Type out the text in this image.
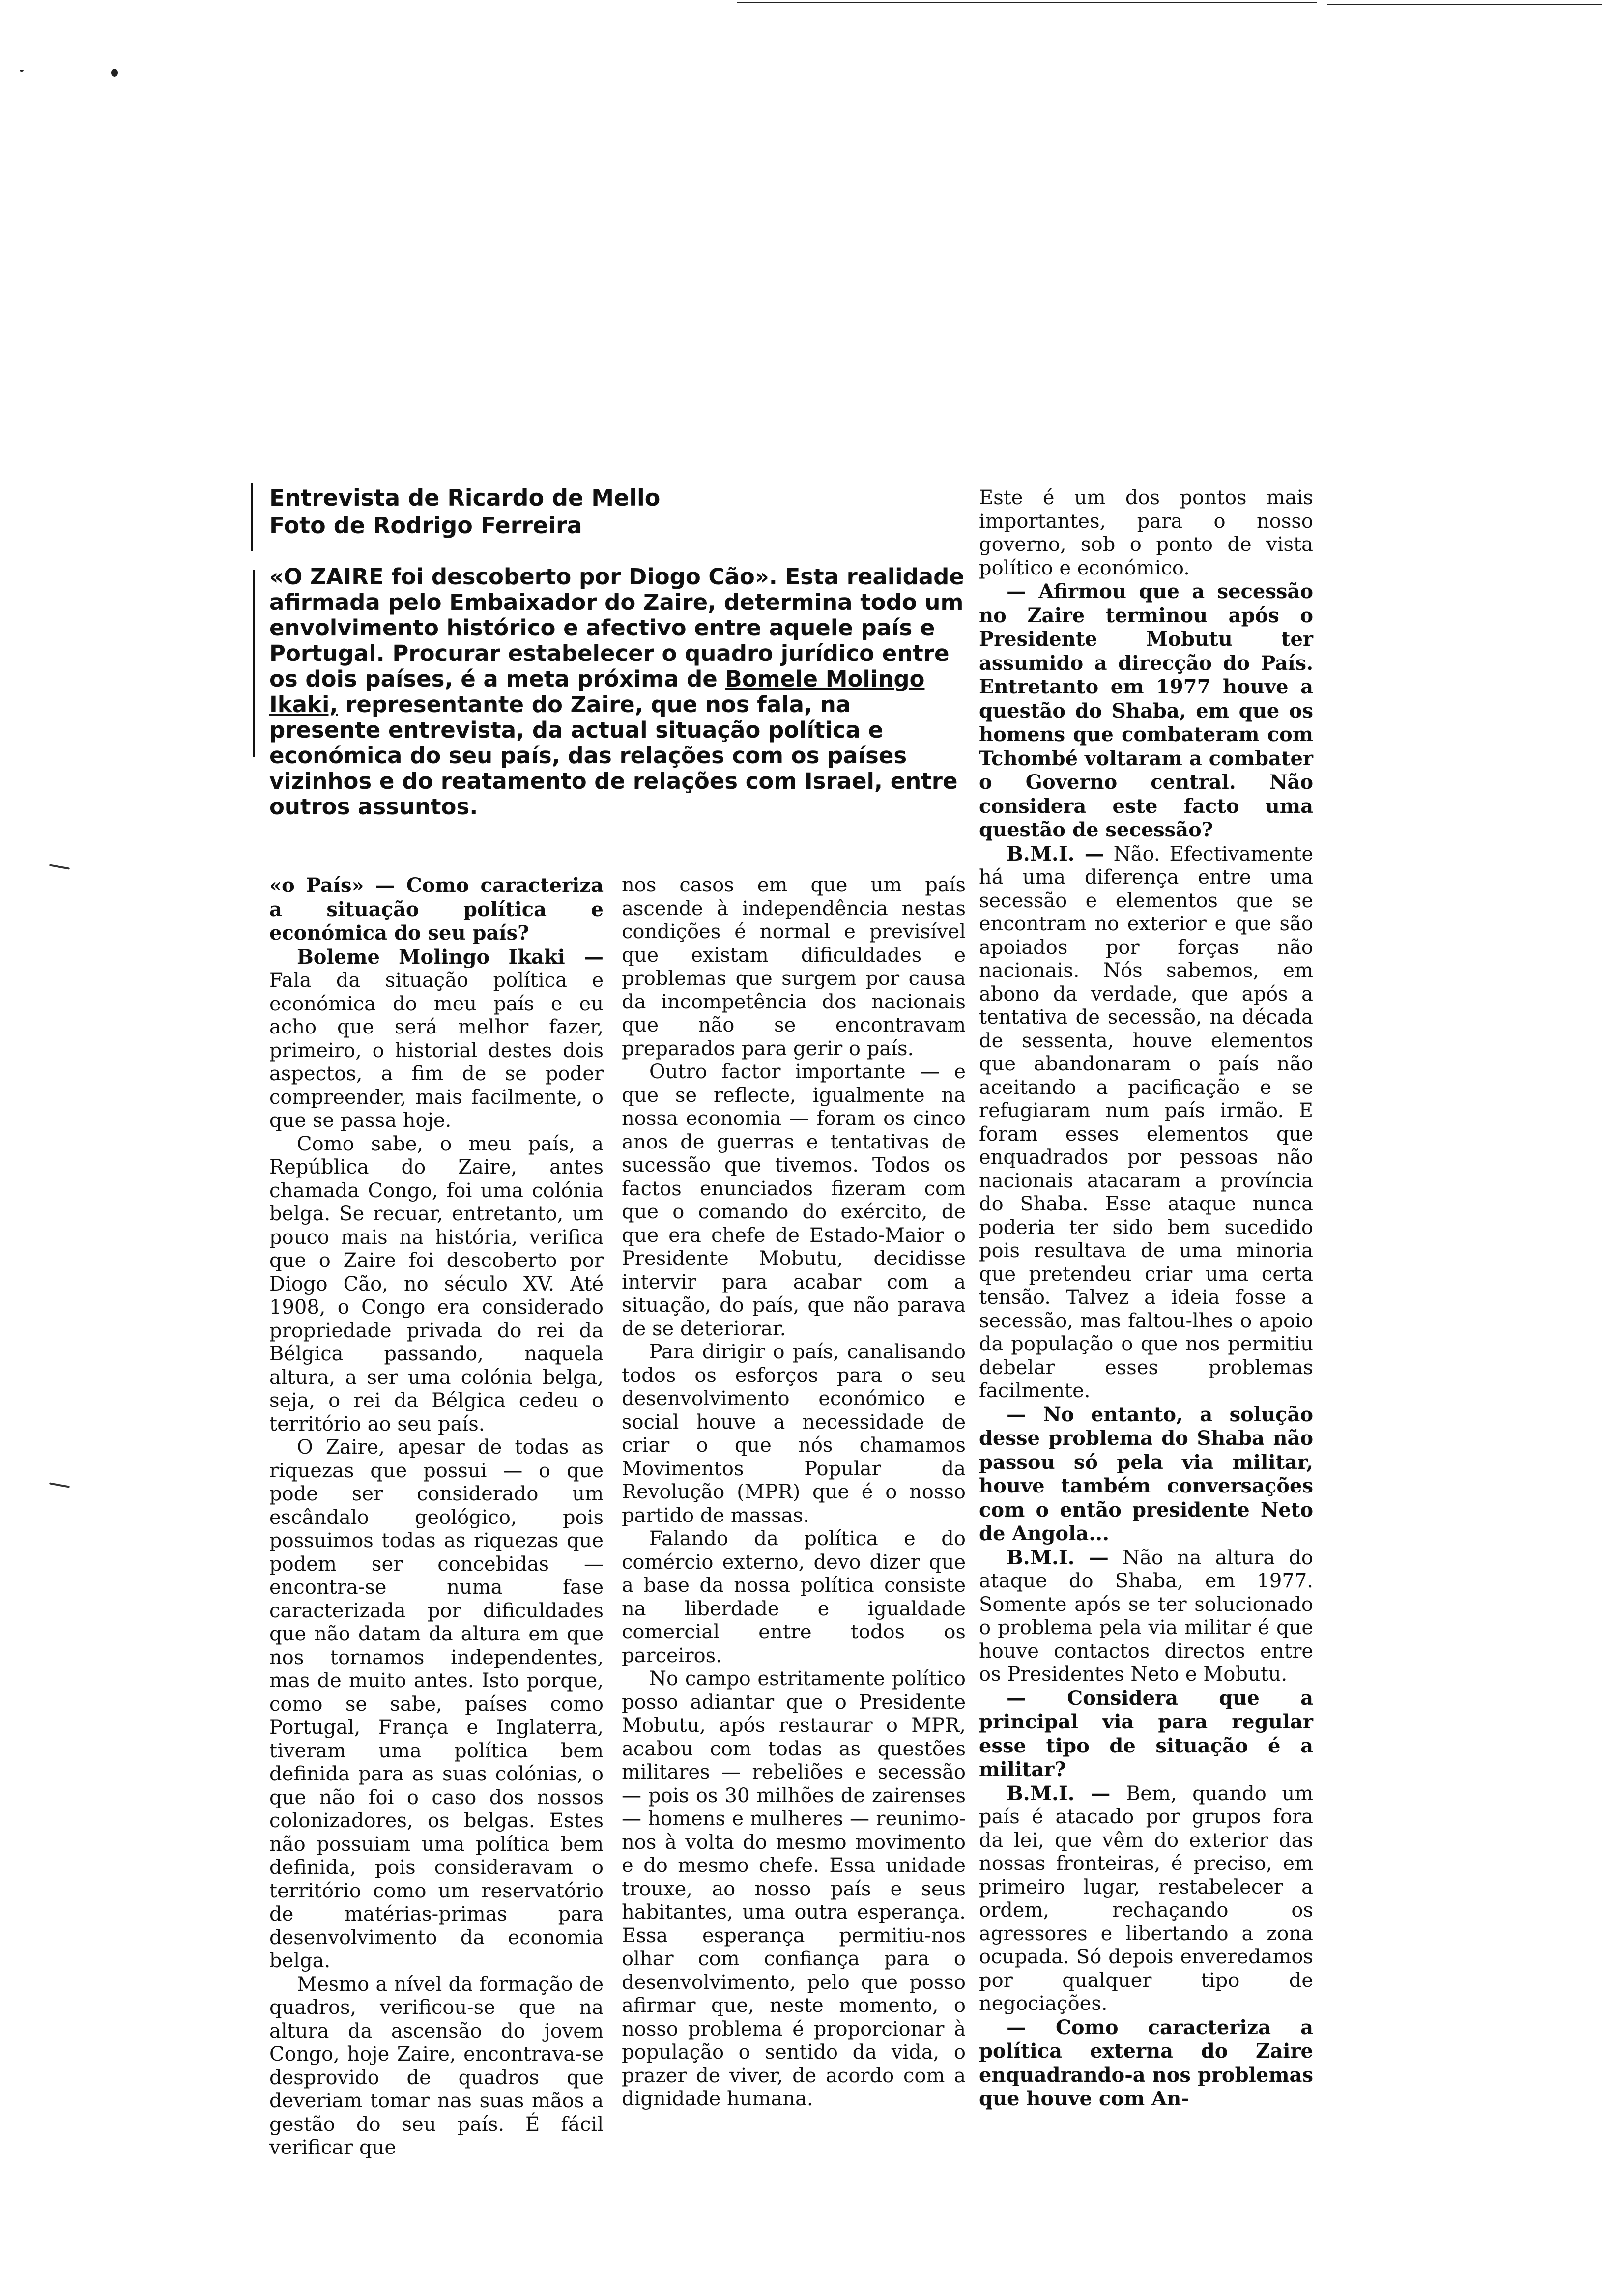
Entrevista de Ricardo de Mello
Foto de Rodrigo Ferreira
«O ZAIRE foi descoberto por Diogo Cão». Esta realidade afirmada pelo Embaixador do Zaire, determina todo um envolvimento histórico e afectivo entre aquele país e Portugal. Procurar estabelecer o quadro jurídico entre os dois países, é a meta próxima de Bomele Molingo Ikaki, representante do Zaire, que nos fala, na presente entrevista, da actual situação política e económica do seu país, das relações com os países vizinhos e do reatamento de relações com Israel, entre outros assuntos.

«o País» — Como caracteriza a situação política e económica do seu país?

Boleme Molingo Ikaki — Fala da situação política e económica do meu país e eu acho que será melhor fazer, primeiro, o historial destes dois aspectos, a fim de se poder compreender, mais facilmente, o que se passa hoje.

Como sabe, o meu país, a República do Zaire, antes chamada Congo, foi uma colónia belga. Se recuar, entretanto, um pouco mais na história, verifica que o Zaire foi descoberto por Diogo Cão, no século XV. Até 1908, o Congo era considerado propriedade privada do rei da Bélgica passando, naquela altura, a ser uma colónia belga, seja, o rei da Bélgica cedeu o território ao seu país.

O Zaire, apesar de todas as riquezas que possui — o que pode ser considerado um escândalo geológico, pois possuimos todas as riquezas que podem ser concebidas — encontra-se numa fase caracterizada por dificuldades que não datam da altura em que nos tornamos independentes, mas de muito antes. Isto porque, como se sabe, países como Portugal, França e Inglaterra, tiveram uma política bem definida para as suas colónias, o que não foi o caso dos nossos colonizadores, os belgas. Estes não possuiam uma política bem definida, pois consideravam o território como um reservatório de matérias-primas para desenvolvimento da economia belga.

Mesmo a nível da formação de quadros, verificou-se que na altura da ascensão do jovem Congo, hoje Zaire, encontrava-se desprovido de quadros que deveriam tomar nas suas mãos a gestão do seu país. É fácil verificar que

nos casos em que um país ascende à independência nestas condições é normal e previsível que existam dificuldades e problemas que surgem por causa da incompetência dos nacionais que não se encontravam preparados para gerir o país.

Outro factor importante — e que se reflecte, igualmente na nossa economia — foram os cinco anos de guerras e tentativas de sucessão que tivemos. Todos os factos enunciados fizeram com que o comando do exército, de que era chefe de Estado-Maior o Presidente Mobutu, decidisse intervir para acabar com a situação, do país, que não parava de se deteriorar.

Para dirigir o país, canalisando todos os esforços para o seu desenvolvimento económico e social houve a necessidade de criar o que nós chamamos Movimentos Popular da Revolução (MPR) que é o nosso partido de massas.

Falando da política e do comércio externo, devo dizer que a base da nossa política consiste na liberdade e igualdade comercial entre todos os parceiros.

No campo estritamente político posso adiantar que o Presidente Mobutu, após restaurar o MPR, acabou com todas as questões militares — rebeliões e secessão — pois os 30 milhões de zairenses — homens e mulheres — reunimo-nos à volta do mesmo movimento e do mesmo chefe. Essa unidade trouxe, ao nosso país e seus habitantes, uma outra esperança. Essa esperança permitiu-nos olhar com confiança para o desenvolvimento, pelo que posso afirmar que, neste momento, o nosso problema é proporcionar à população o sentido da vida, o prazer de viver, de acordo com a dignidade humana.

Este é um dos pontos mais importantes, para o nosso governo, sob o ponto de vista político e económico.

— Afirmou que a secessão no Zaire terminou após o Presidente Mobutu ter assumido a direcção do País. Entretanto em 1977 houve a questão do Shaba, em que os homens que combateram com Tchombé voltaram a combater o Governo central. Não considera este facto uma questão de secessão?

B.M.I. — Não. Efectivamente há uma diferença entre uma secessão e elementos que se encontram no exterior e que são apoiados por forças não nacionais. Nós sabemos, em abono da verdade, que após a tentativa de secessão, na década de sessenta, houve elementos que abandonaram o país não aceitando a pacificação e se refugiaram num país irmão. E foram esses elementos que enquadrados por pessoas não nacionais atacaram a província do Shaba. Esse ataque nunca poderia ter sido bem sucedido pois resultava de uma minoria que pretendeu criar uma certa tensão. Talvez a ideia fosse a secessão, mas faltou-lhes o apoio da população o que nos permitiu debelar esses problemas facilmente.

— No entanto, a solução desse problema do Shaba não passou só pela via militar, houve também conversações com o então presidente Neto de Angola...

B.M.I. — Não na altura do ataque do Shaba, em 1977. Somente após se ter solucionado o problema pela via militar é que houve contactos directos entre os Presidentes Neto e Mobutu.

— Considera que a principal via para regular esse tipo de situação é a militar?

B.M.I. — Bem, quando um país é atacado por grupos fora da lei, que vêm do exterior das nossas fronteiras, é preciso, em primeiro lugar, restabelecer a ordem, rechaçando os agressores e libertando a zona ocupada. Só depois enveredamos por qualquer tipo de negociações.

— Como caracteriza a política externa do Zaire enquadrando-a nos problemas que houve com An-
